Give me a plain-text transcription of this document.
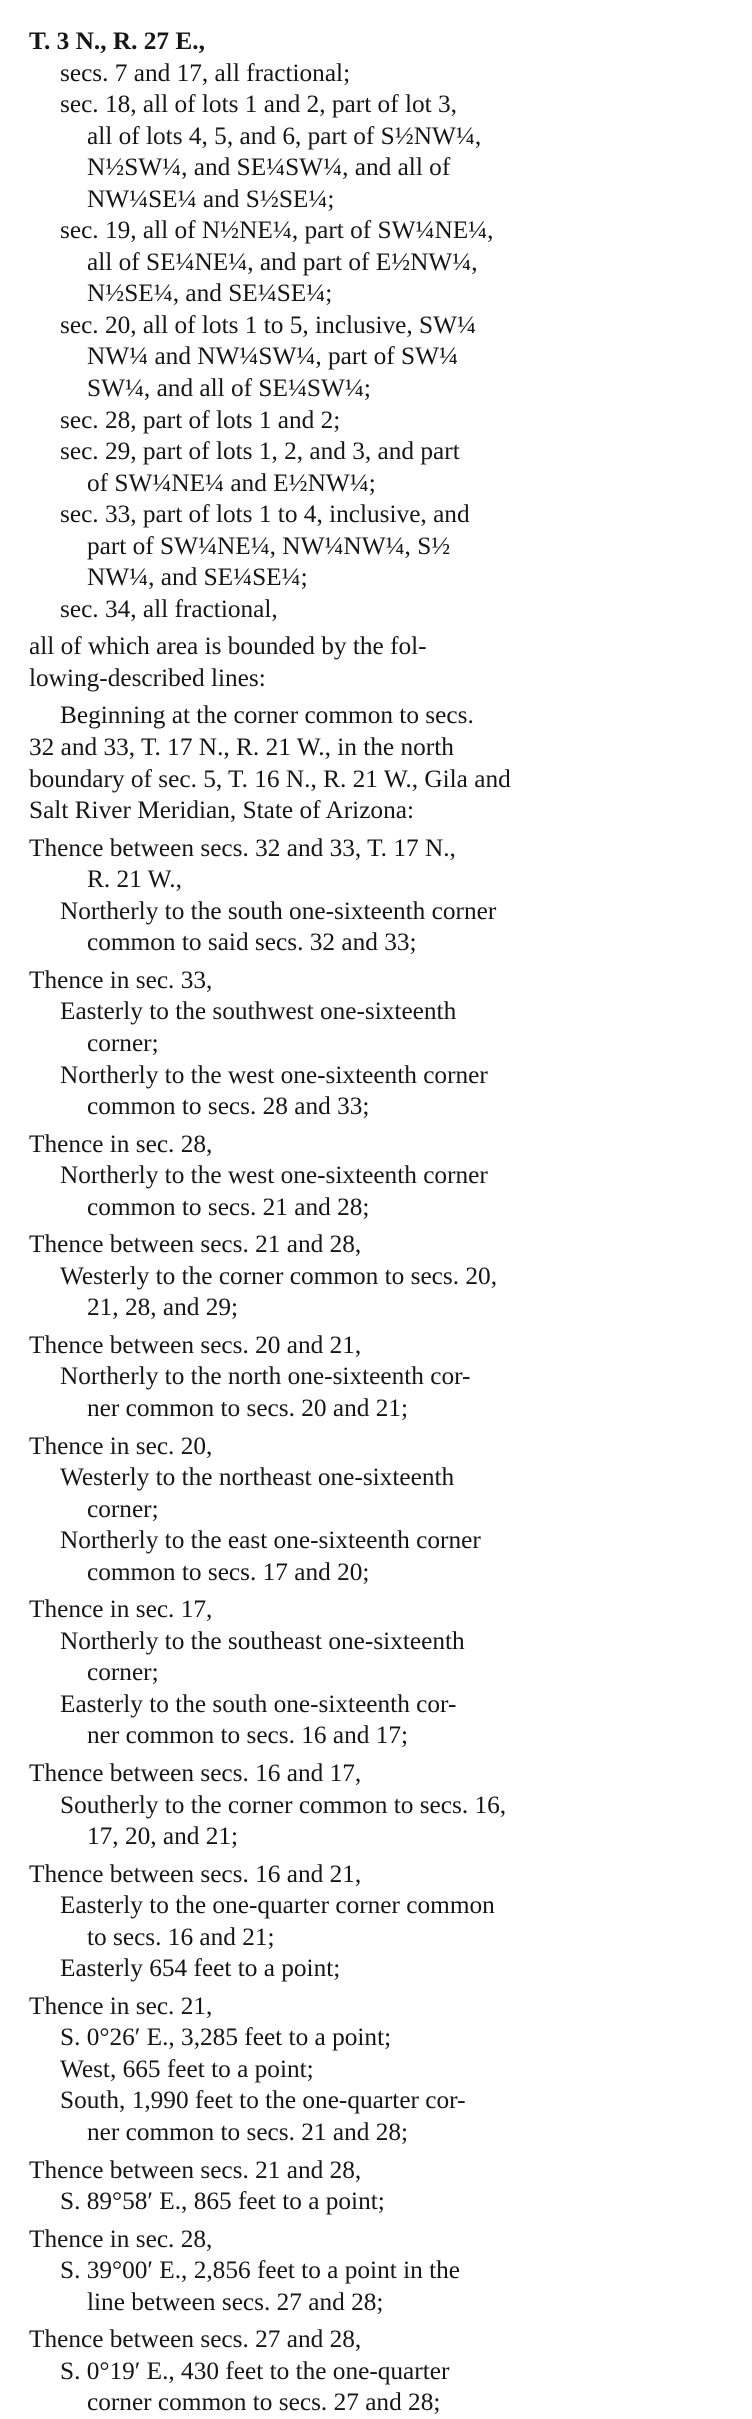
T. 3 N., R. 27 E.,
secs. 7 and 17, all fractional;
sec. 18, all of lots 1 and 2, part of lot 3,
all of lots 4, 5, and 6, part of S½NW¼,
N½SW¼, and SE¼SW¼, and all of
NW¼SE¼ and S½SE¼;
sec. 19, all of N½NE¼, part of SW¼NE¼,
all of SE¼NE¼, and part of E½NW¼,
N½SE¼, and SE¼SE¼;
sec. 20, all of lots 1 to 5, inclusive, SW¼
NW¼ and NW¼SW¼, part of SW¼
SW¼, and all of SE¼SW¼;
sec. 28, part of lots 1 and 2;
sec. 29, part of lots 1, 2, and 3, and part
of SW¼NE¼ and E½NW¼;
sec. 33, part of lots 1 to 4, inclusive, and
part of SW¼NE¼, NW¼NW¼, S½
NW¼, and SE¼SE¼;
sec. 34, all fractional,
all of which area is bounded by the fol-
lowing-described lines:
Beginning at the corner common to secs.
32 and 33, T. 17 N., R. 21 W., in the north
boundary of sec. 5, T. 16 N., R. 21 W., Gila and
Salt River Meridian, State of Arizona:
Thence between secs. 32 and 33, T. 17 N.,
R. 21 W.,
Northerly to the south one-sixteenth corner
common to said secs. 32 and 33;
Thence in sec. 33,
Easterly to the southwest one-sixteenth
corner;
Northerly to the west one-sixteenth corner
common to secs. 28 and 33;
Thence in sec. 28,
Northerly to the west one-sixteenth corner
common to secs. 21 and 28;
Thence between secs. 21 and 28,
Westerly to the corner common to secs. 20,
21, 28, and 29;
Thence between secs. 20 and 21,
Northerly to the north one-sixteenth cor-
ner common to secs. 20 and 21;
Thence in sec. 20,
Westerly to the northeast one-sixteenth
corner;
Northerly to the east one-sixteenth corner
common to secs. 17 and 20;
Thence in sec. 17,
Northerly to the southeast one-sixteenth
corner;
Easterly to the south one-sixteenth cor-
ner common to secs. 16 and 17;
Thence between secs. 16 and 17,
Southerly to the corner common to secs. 16,
17, 20, and 21;
Thence between secs. 16 and 21,
Easterly to the one-quarter corner common
to secs. 16 and 21;
Easterly 654 feet to a point;
Thence in sec. 21,
S. 0°26′ E., 3,285 feet to a point;
West, 665 feet to a point;
South, 1,990 feet to the one-quarter cor-
ner common to secs. 21 and 28;
Thence between secs. 21 and 28,
S. 89°58′ E., 865 feet to a point;
Thence in sec. 28,
S. 39°00′ E., 2,856 feet to a point in the
line between secs. 27 and 28;
Thence between secs. 27 and 28,
S. 0°19′ E., 430 feet to the one-quarter
corner common to secs. 27 and 28;
